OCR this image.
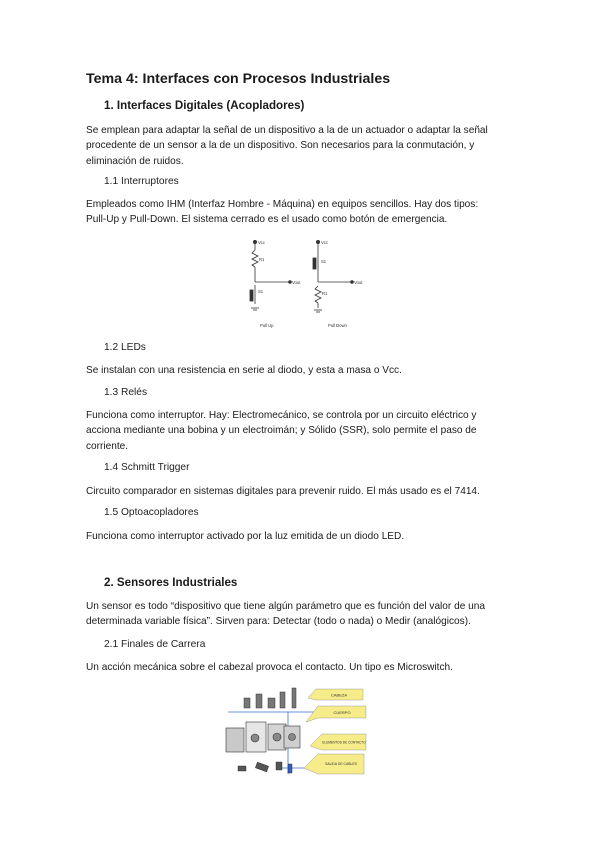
Tema 4: Interfaces con Procesos Industriales
1. Interfaces Digitales (Acopladores)
Se emplean para adaptar la señal de un dispositivo a la de un actuador o adaptar la señal
procedente de un sensor a la de un dispositivo. Son necesarios para la conmutación, y
eliminación de ruidos.
1.1 Interruptores
Empleados como IHM (Interfaz Hombre - Máquina) en equipos sencillos. Hay dos tipos:
Pull-Up y Pull-Down. El sistema cerrado es el usado como botón de emergencia.
Vcc
R1
S1
Vout
Vcc
S1
R1
Vout
Pull Up	Pull Down
1.2 LEDs
Se instalan con una resistencia en serie al diodo, y esta a masa o Vcc.
1.3 Relés
Funciona como interruptor. Hay: Electromecánico, se controla por un circuito eléctrico y
acciona mediante una bobina y un electroimán; y Sólido (SSR), solo permite el paso de
corriente.
1.4 Schmitt Trigger
Circuito comparador en sistemas digitales para prevenir ruido. El más usado es el 7414.
1.5 Optoacopladores
Funciona como interruptor activado por la luz emitida de un diodo LED.
2. Sensores Industriales
Un sensor es todo “dispositivo que tiene algún parámetro que es función del valor de una
determinada variable física”. Sirven para: Detectar (todo o nada) o Medir (analógicos).
2.1 Finales de Carrera
Un acción mecánica sobre el cabezal provoca el contacto. Un tipo es Microswitch.
CABEZA
CUERPO
ELEMENTOS DE CONTACTO
SALIDA DE CABLES
